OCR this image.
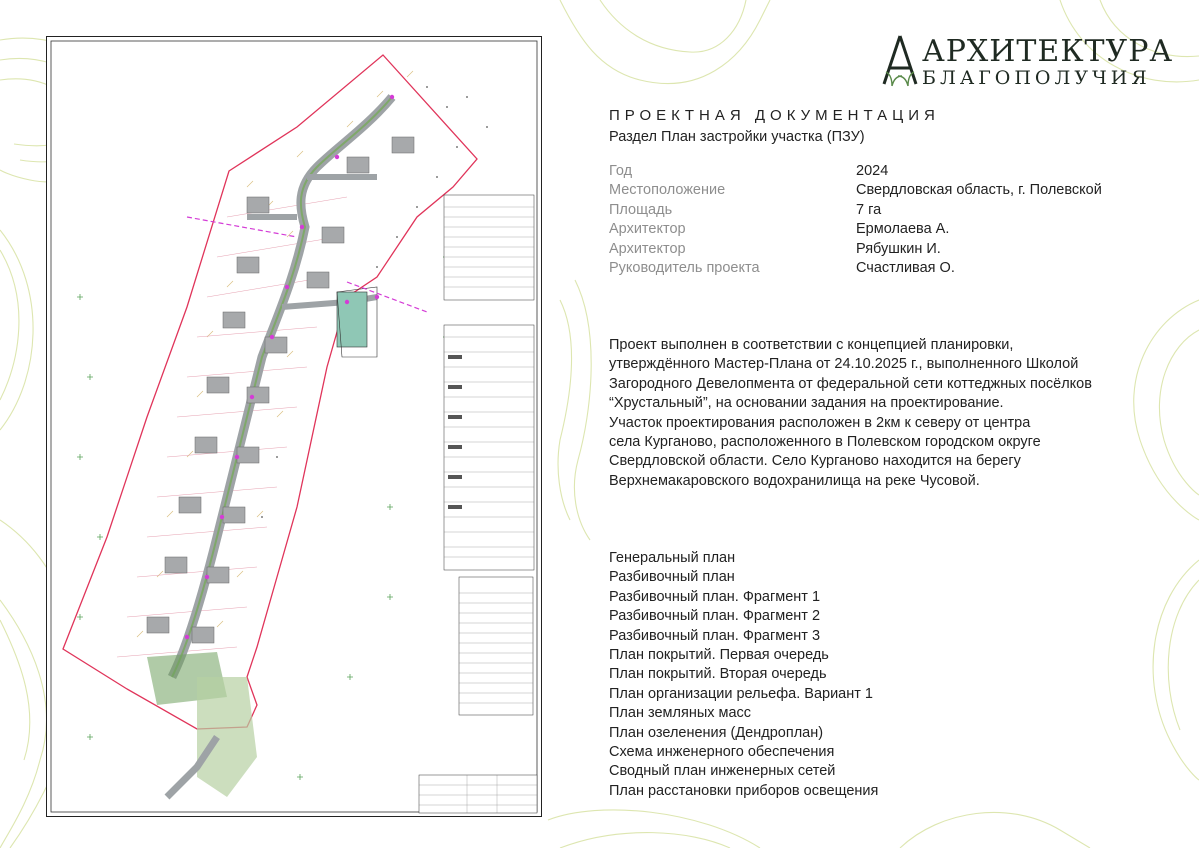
АРХИТЕКТУРА
БЛАГОПОЛУЧИЯ
ПРОЕКТНАЯ ДОКУМЕНТАЦИЯ
Раздел План застройки участка (ПЗУ)
Год	2024
Местоположение	Свердловская область, г. Полевской
Площадь	7 га
Архитектор	Ермолаева А.
Архитектор	Рябушкин И.
Руководитель проекта	Счастливая О.
Проект выполнен в соответствии с концепцией планировки,
утверждённого Мастер-Плана от 24.10.2025 г., выполненного Школой
Загородного Девелопмента от федеральной сети коттеджных посёлков
“Хрустальный”, на основании задания на проектирование.
Участок проектирования расположен в 2км к северу от центра
села Курганово, расположенного в Полевском городском округе
Свердловской области. Село Курганово находится на берегу
Верхнемакаровского водохранилища на реке Чусовой.
Генеральный план
Разбивочный план
Разбивочный план. Фрагмент 1
Разбивочный план. Фрагмент 2
Разбивочный план. Фрагмент 3
План покрытий. Первая очередь
План покрытий. Вторая очередь
План организации рельефа. Вариант 1
План земляных масс
План озеленения (Дендроплан)
Схема инженерного обеспечения
Сводный план инженерных сетей
План расстановки приборов освещения
